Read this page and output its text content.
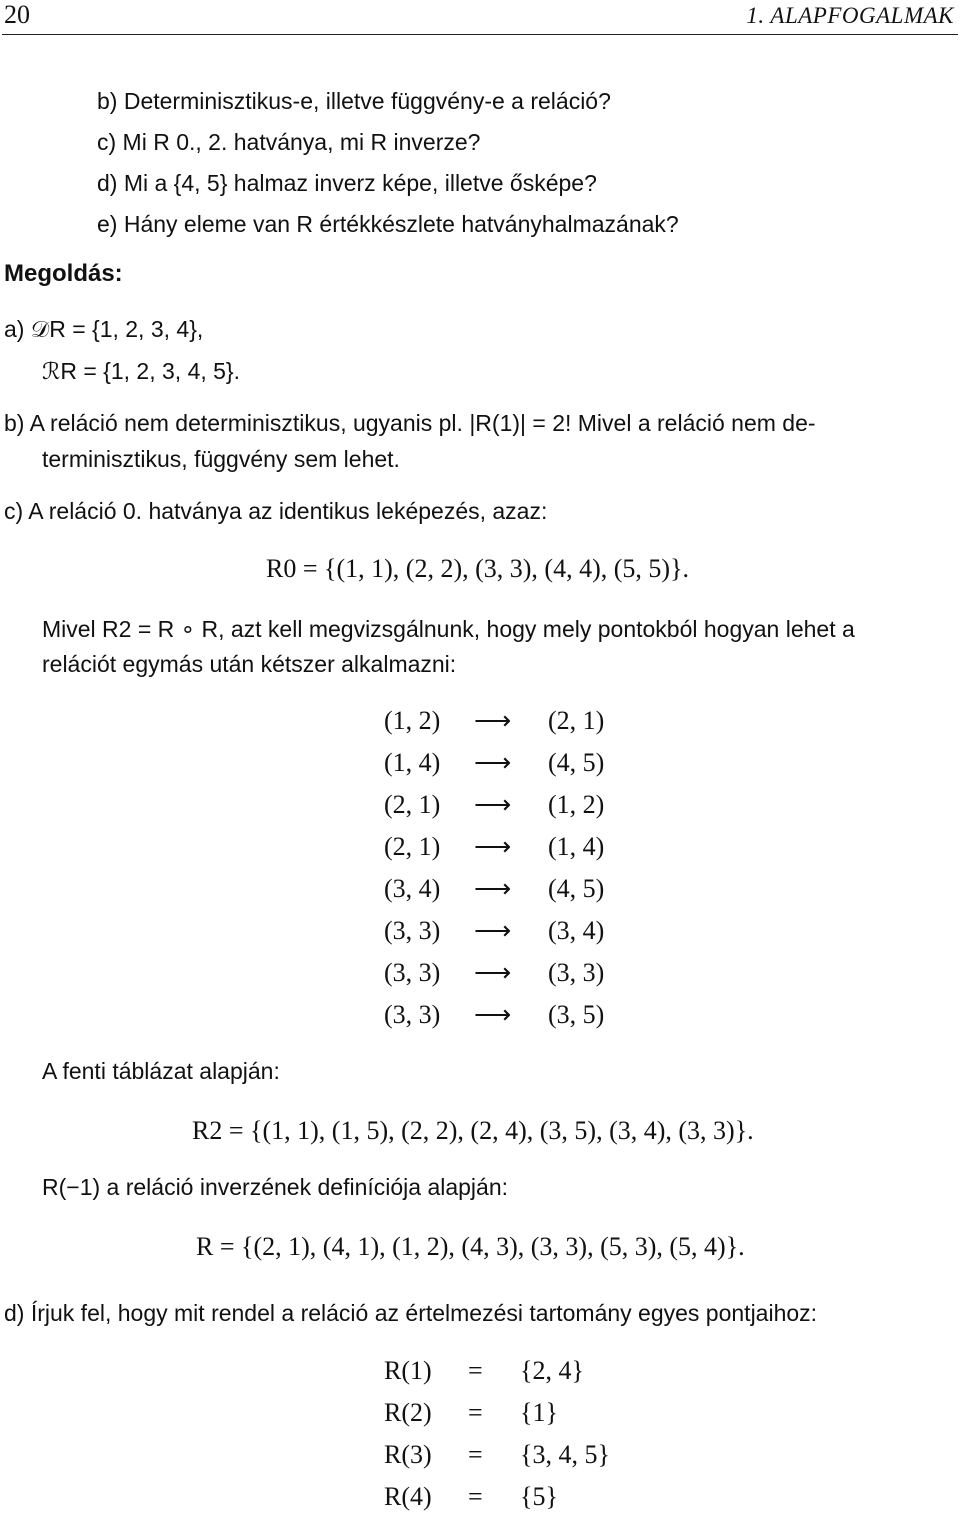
20	1. ALAPFOGALMAK
b) Determinisztikus-e, illetve függvény-e a reláció?
c) Mi R 0., 2. hatványa, mi R inverze?
d) Mi a {4, 5} halmaz inverz képe, illetve ősképe?
e) Hány eleme van R értékkészlete hatványhalmazának?
Megoldás:
a) 𝒟R = {1, 2, 3, 4},
ℛR = {1, 2, 3, 4, 5}.
b) A reláció nem determinisztikus, ugyanis pl. |R(1)| = 2! Mivel a reláció nem de-
terminisztikus, függvény sem lehet.
c) A reláció 0. hatványa az identikus leképezés, azaz:
R0 = {(1, 1), (2, 2), (3, 3), (4, 4), (5, 5)}.
Mivel R2 = R ∘ R, azt kell megvizsgálnunk, hogy mely pontokból hogyan lehet a
relációt egymás után kétszer alkalmazni:
(1, 2) ⟶ (2, 1)
(1, 4) ⟶ (4, 5)
(2, 1) ⟶ (1, 2)
(2, 1) ⟶ (1, 4)
(3, 4) ⟶ (4, 5)
(3, 3) ⟶ (3, 4)
(3, 3) ⟶ (3, 3)
(3, 3) ⟶ (3, 5)
A fenti táblázat alapján:
R2 = {(1, 1), (1, 5), (2, 2), (2, 4), (3, 5), (3, 4), (3, 3)}.
R(−1) a reláció inverzének definíciója alapján:
R = {(2, 1), (4, 1), (1, 2), (4, 3), (3, 3), (5, 3), (5, 4)}.
d) Írjuk fel, hogy mit rendel a reláció az értelmezési tartomány egyes pontjaihoz:
R(1) = {2, 4}
R(2) = {1}
R(3) = {3, 4, 5}
R(4) = {5}
